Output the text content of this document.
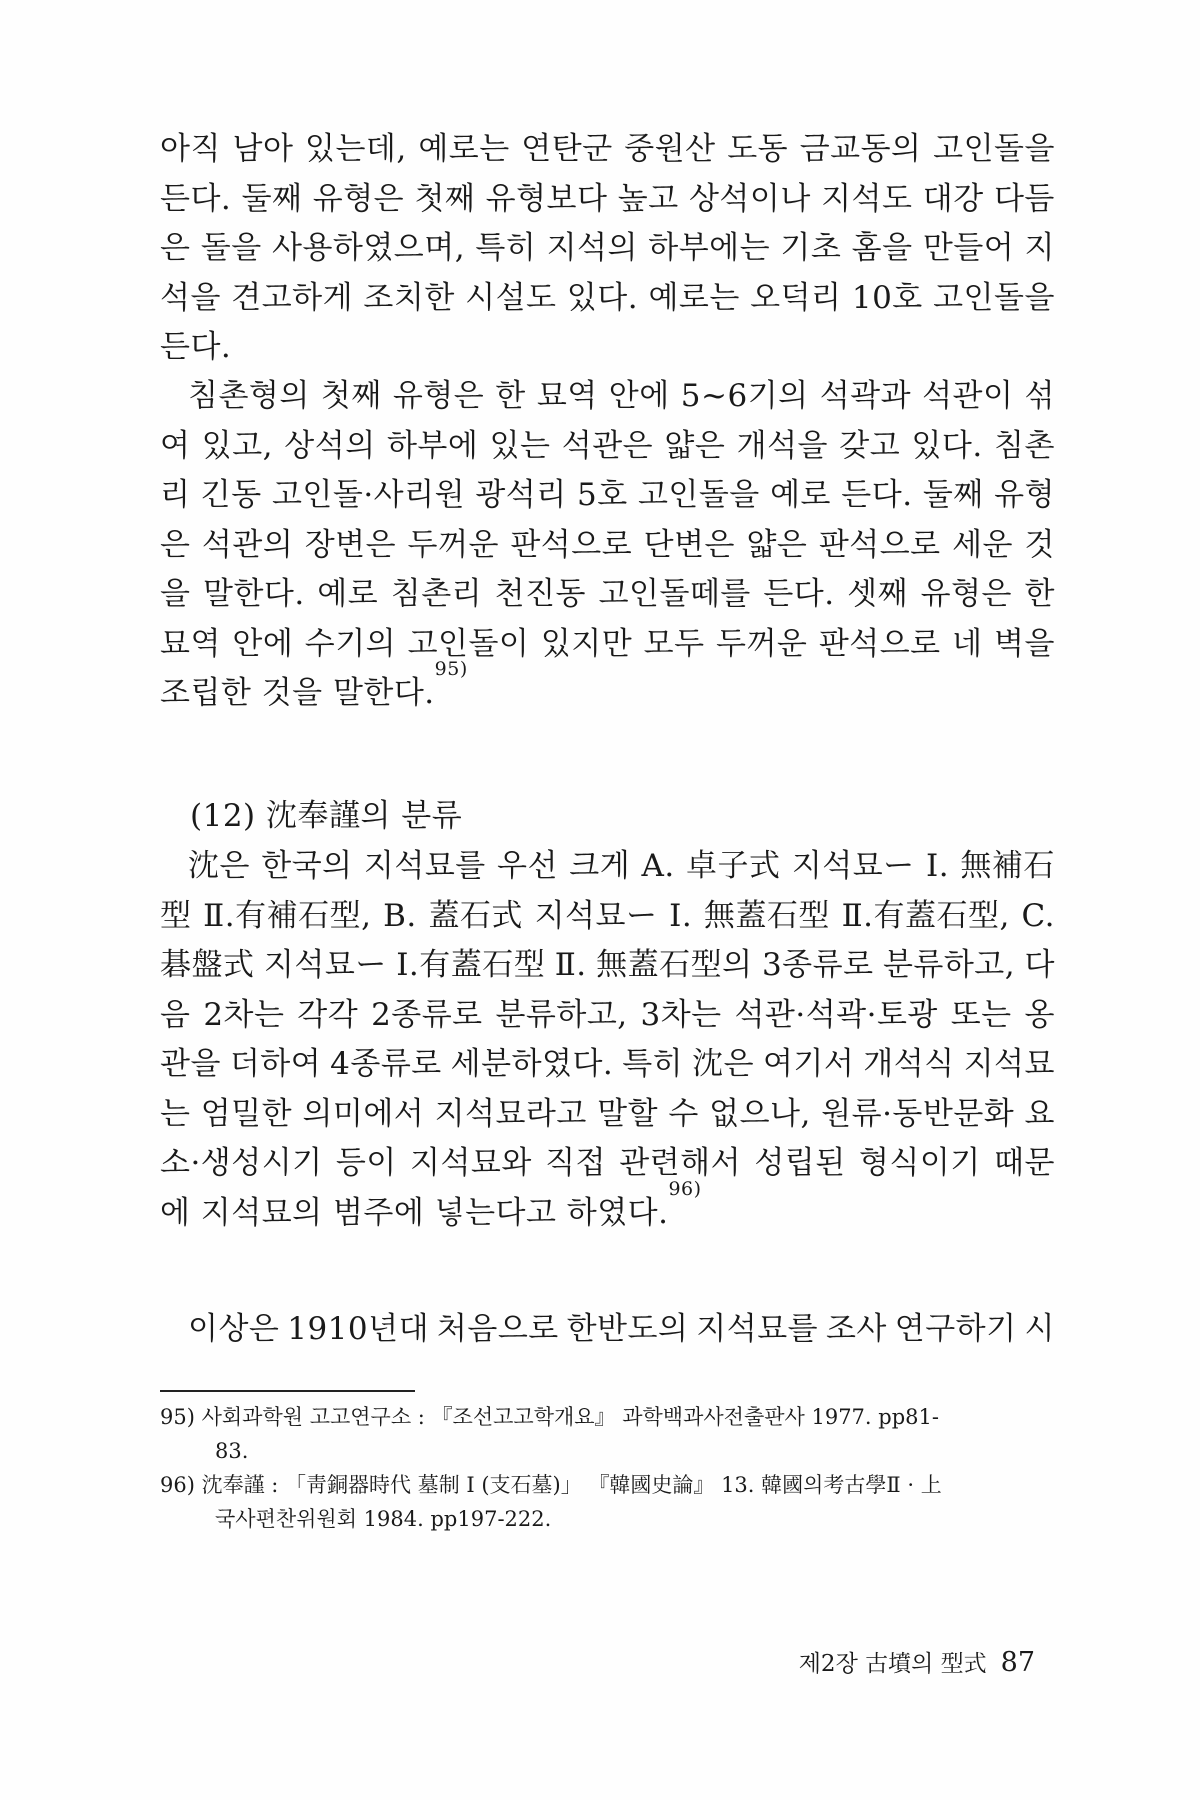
아직 남아 있는데, 예로는 연탄군 중원산 도동 금교동의 고인돌을
든다. 둘째 유형은 첫째 유형보다 높고 상석이나 지석도 대강 다듬
은 돌을 사용하였으며, 특히 지석의 하부에는 기초 홈을 만들어 지
석을 견고하게 조치한 시설도 있다. 예로는 오덕리 10호 고인돌을
든다.
침촌형의 첫째 유형은 한 묘역 안에 5~6기의 석곽과 석관이 섞
여 있고, 상석의 하부에 있는 석관은 얇은 개석을 갖고 있다. 침촌
리 긴동 고인돌·사리원 광석리 5호 고인돌을 예로 든다. 둘째 유형
은 석관의 장변은 두꺼운 판석으로 단변은 얇은 판석으로 세운 것
을 말한다. 예로 침촌리 천진동 고인돌떼를 든다. 셋째 유형은 한
묘역 안에 수기의 고인돌이 있지만 모두 두꺼운 판석으로 네 벽을
조립한 것을 말한다.
95)
(12) 沈奉謹의 분류
沈은 한국의 지석묘를 우선 크게 A. 卓子式 지석묘ー I. 無補石
型 Ⅱ.有補石型, B. 蓋石式 지석묘ー I. 無蓋石型 Ⅱ.有蓋石型, C.
碁盤式 지석묘ー I.有蓋石型 Ⅱ. 無蓋石型의 3종류로 분류하고, 다
음 2차는 각각 2종류로 분류하고, 3차는 석관·석곽·토광 또는 옹
관을 더하여 4종류로 세분하였다. 특히 沈은 여기서 개석식 지석묘
는 엄밀한 의미에서 지석묘라고 말할 수 없으나, 원류·동반문화 요
소·생성시기 등이 지석묘와 직접 관련해서 성립된 형식이기 때문
에 지석묘의 범주에 넣는다고 하였다.
96)
이상은 1910년대 처음으로 한반도의 지석묘를 조사 연구하기 시
95) 사회과학원 고고연구소 : 『조선고고학개요』 과학백과사전출판사 1977. pp81-
83.
96) 沈奉謹 : 「靑銅器時代 墓制 I (支石墓)」 『韓國史論』 13. 韓國의考古學Ⅱ · 上
국사편찬위원회 1984. pp197-222.
제2장 古墳의 型式 87
